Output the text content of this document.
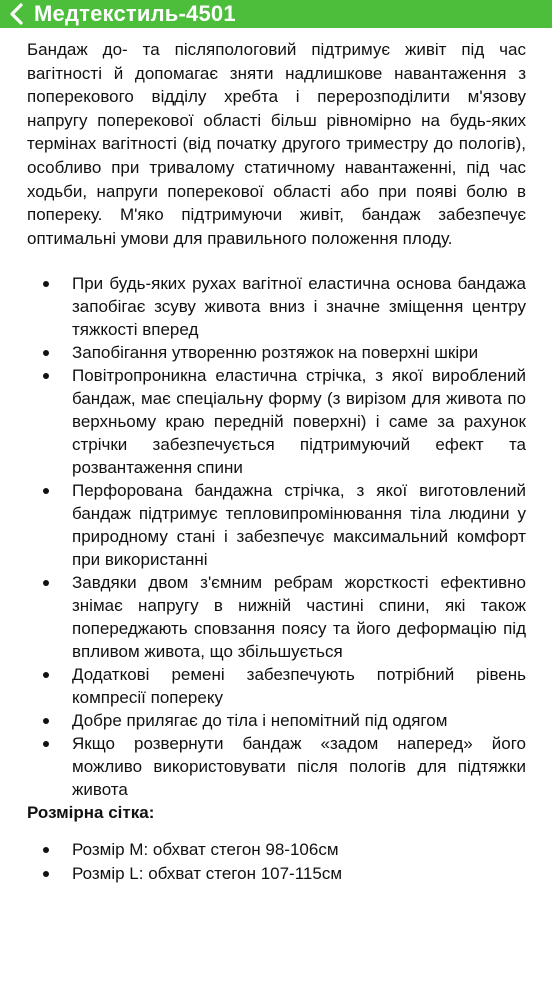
Медтекстиль-4501

Бандаж до- та післяпологовий підтримує живіт під час вагітності й допомагає зняти надлишкове навантаження з поперекового відділу хребта і перерозподілити м'язову напругу поперекової області більш рівномірно на будь-яких термінах вагітності (від початку другого триместру до пологів), особливо при тривалому статичному навантаженні, під час ходьби, напруги поперекової області або при появі болю в попереку. М'яко підтримуючи живіт, бандаж забезпечує оптимальні умови для правильного положення плоду.

При будь-яких рухах вагітної еластична основа бандажа запобігає зсуву живота вниз і значне зміщення центру тяжкості вперед
Запобігання утворенню розтяжок на поверхні шкіри
Повітропроникна еластична стрічка, з якої вироблений бандаж, має спеціальну форму (з вирізом для живота по верхньому краю передній поверхні) і саме за рахунок стрічки забезпечується підтримуючий ефект та розвантаження спини
Перфорована бандажна стрічка, з якої виготовлений бандаж підтримує тепловипромінювання тіла людини у природному стані і забезпечує максимальний комфорт при використанні
Завдяки двом з'ємним ребрам жорсткості ефективно знімає напругу в нижній частині спини, які також попереджають сповзання поясу та його деформацію під впливом живота, що збільшується
Додаткові ремені забезпечують потрібний рівень компресії попереку
Добре прилягає до тіла і непомітний під одягом
Якщо розвернути бандаж «задом наперед» його можливо використовувати після пологів для підтяжки живота

Розмірна сітка:

Розмір M: обхват стегон 98-106см
Розмір L: обхват стегон 107-115см
